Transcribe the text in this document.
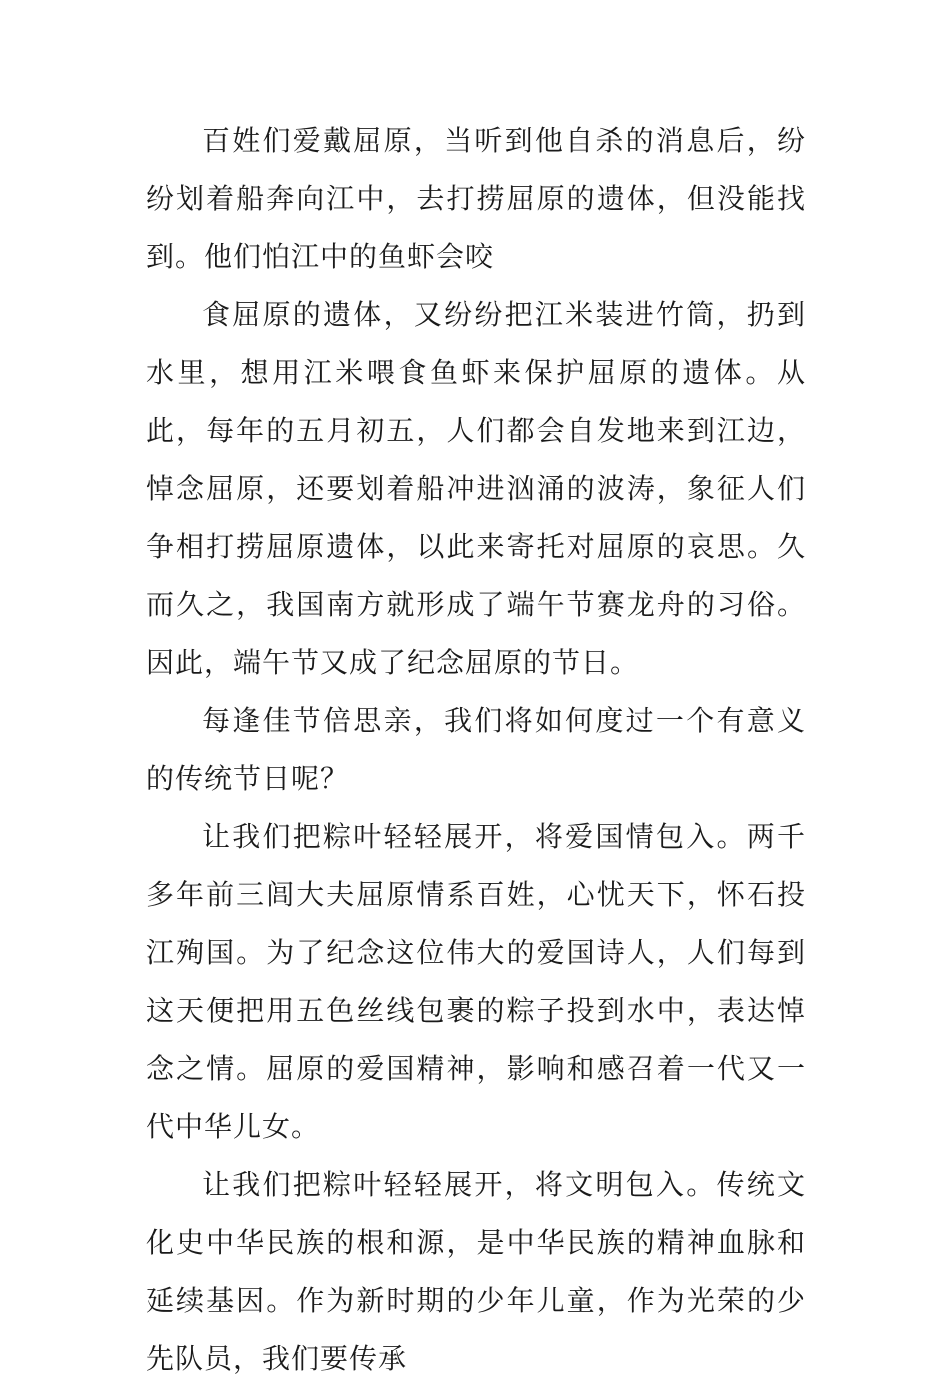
百姓们爱戴屈原，当听到他自杀的消息后，纷纷划着船奔向江中，去打捞屈原的遗体，但没能找到。他们怕江中的鱼虾会咬

食屈原的遗体，又纷纷把江米装进竹筒，扔到水里，想用江米喂食鱼虾来保护屈原的遗体。从此，每年的五月初五，人们都会自发地来到江边，悼念屈原，还要划着船冲进汹涌的波涛，象征人们争相打捞屈原遗体，以此来寄托对屈原的哀思。久而久之，我国南方就形成了端午节赛龙舟的习俗。因此，端午节又成了纪念屈原的节日。

每逢佳节倍思亲，我们将如何度过一个有意义的传统节日呢？

让我们把粽叶轻轻展开，将爱国情包入。两千多年前三闾大夫屈原情系百姓，心忧天下，怀石投江殉国。为了纪念这位伟大的爱国诗人，人们每到这天便把用五色丝线包裹的粽子投到水中，表达悼念之情。屈原的爱国精神，影响和感召着一代又一代中华儿女。

让我们把粽叶轻轻展开，将文明包入。传统文化史中华民族的根和源，是中华民族的精神血脉和延续基因。作为新时期的少年儿童，作为光荣的少先队员，我们要传承
